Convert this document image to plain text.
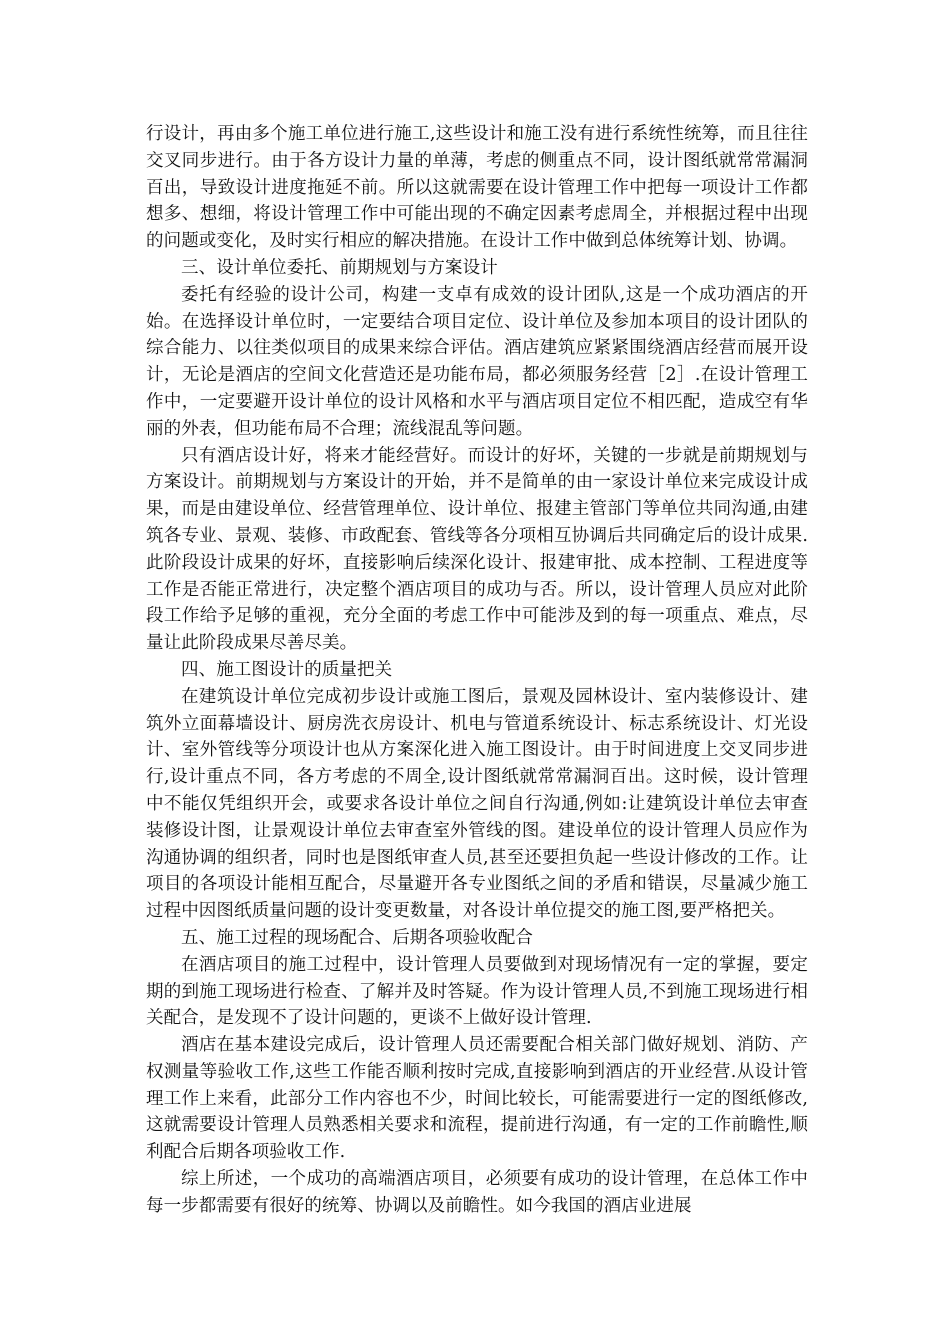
行设计，再由多个施工单位进行施工,这些设计和施工没有进行系统性统筹，而且往往交叉同步进行。由于各方设计力量的单薄，考虑的侧重点不同，设计图纸就常常漏洞百出，导致设计进度拖延不前。所以这就需要在设计管理工作中把每一项设计工作都想多、想细，将设计管理工作中可能出现的不确定因素考虑周全，并根据过程中出现的问题或变化，及时实行相应的解决措施。在设计工作中做到总体统筹计划、协调。

三、设计单位委托、前期规划与方案设计

委托有经验的设计公司，构建一支卓有成效的设计团队,这是一个成功酒店的开始。在选择设计单位时，一定要结合项目定位、设计单位及参加本项目的设计团队的综合能力、以往类似项目的成果来综合评估。酒店建筑应紧紧围绕酒店经营而展开设计，无论是酒店的空间文化营造还是功能布局，都必须服务经营［2］.在设计管理工作中，一定要避开设计单位的设计风格和水平与酒店项目定位不相匹配，造成空有华丽的外表，但功能布局不合理；流线混乱等问题。

只有酒店设计好，将来才能经营好。而设计的好坏，关键的一步就是前期规划与方案设计。前期规划与方案设计的开始，并不是简单的由一家设计单位来完成设计成果，而是由建设单位、经营管理单位、设计单位、报建主管部门等单位共同沟通,由建筑各专业、景观、装修、市政配套、管线等各分项相互协调后共同确定后的设计成果.此阶段设计成果的好坏，直接影响后续深化设计、报建审批、成本控制、工程进度等工作是否能正常进行，决定整个酒店项目的成功与否。所以，设计管理人员应对此阶段工作给予足够的重视，充分全面的考虑工作中可能涉及到的每一项重点、难点，尽量让此阶段成果尽善尽美。

四、施工图设计的质量把关

在建筑设计单位完成初步设计或施工图后，景观及园林设计、室内装修设计、建筑外立面幕墙设计、厨房洗衣房设计、机电与管道系统设计、标志系统设计、灯光设计、室外管线等分项设计也从方案深化进入施工图设计。由于时间进度上交叉同步进行,设计重点不同，各方考虑的不周全,设计图纸就常常漏洞百出。这时候，设计管理中不能仅凭组织开会，或要求各设计单位之间自行沟通,例如:让建筑设计单位去审查装修设计图，让景观设计单位去审查室外管线的图。建设单位的设计管理人员应作为沟通协调的组织者，同时也是图纸审查人员,甚至还要担负起一些设计修改的工作。让项目的各项设计能相互配合，尽量避开各专业图纸之间的矛盾和错误，尽量减少施工过程中因图纸质量问题的设计变更数量，对各设计单位提交的施工图,要严格把关。

五、施工过程的现场配合、后期各项验收配合

在酒店项目的施工过程中，设计管理人员要做到对现场情况有一定的掌握，要定期的到施工现场进行检查、了解并及时答疑。作为设计管理人员,不到施工现场进行相关配合，是发现不了设计问题的，更谈不上做好设计管理.

酒店在基本建设完成后，设计管理人员还需要配合相关部门做好规划、消防、产权测量等验收工作,这些工作能否顺利按时完成,直接影响到酒店的开业经营.从设计管理工作上来看，此部分工作内容也不少，时间比较长，可能需要进行一定的图纸修改,这就需要设计管理人员熟悉相关要求和流程，提前进行沟通，有一定的工作前瞻性,顺利配合后期各项验收工作.

综上所述，一个成功的高端酒店项目，必须要有成功的设计管理，在总体工作中每一步都需要有很好的统筹、协调以及前瞻性。如今我国的酒店业进展
